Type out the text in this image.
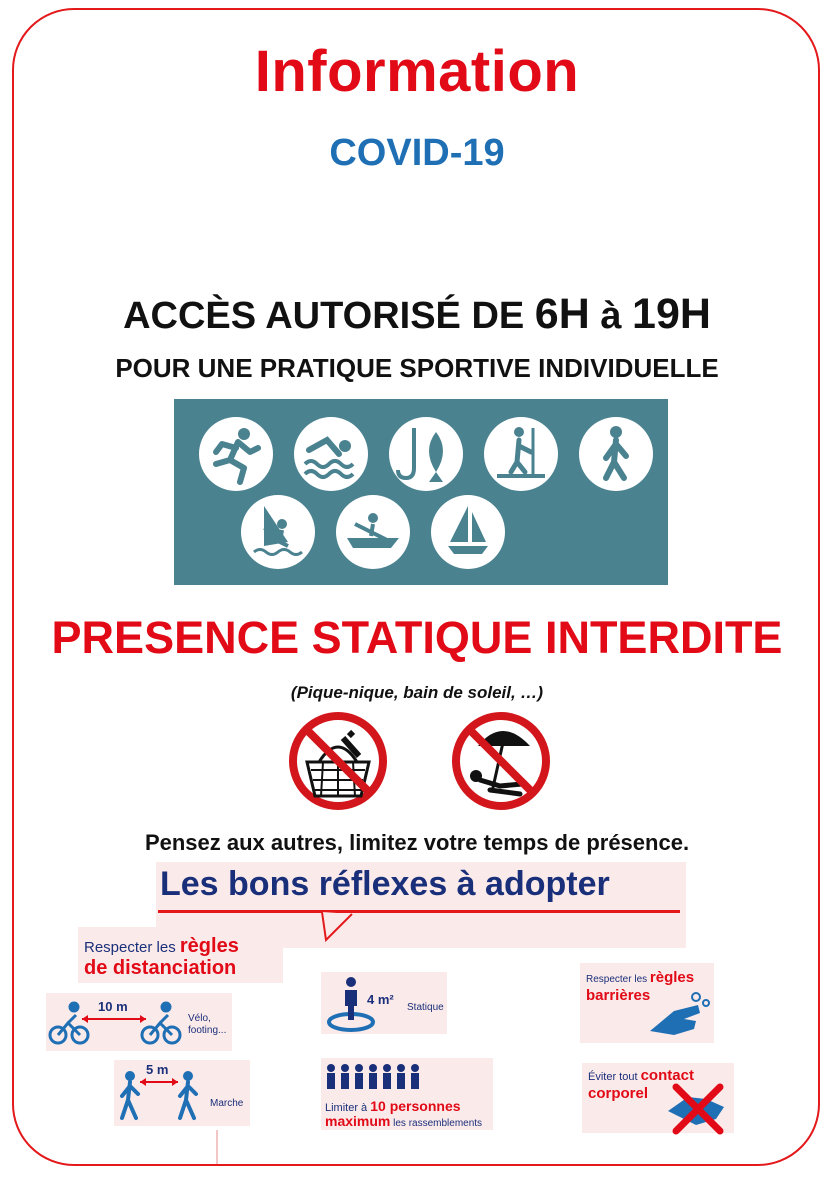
Information
COVID-19
ACCÈS AUTORISÉ DE 6H à 19H
POUR UNE PRATIQUE SPORTIVE INDIVIDUELLE
PRESENCE STATIQUE INTERDITE
(Pique-nique, bain de soleil, …)
Pensez aux autres, limitez votre temps de présence.
Les bons réflexes à adopter
Respecter les règles
de distanciation
10 m
Vélo, footing...
5 m
Marche
4 m²
Statique
Limiter à 10 personnes
maximum les rassemblements
Respecter les règles
barrières
Éviter tout contact
corporel
